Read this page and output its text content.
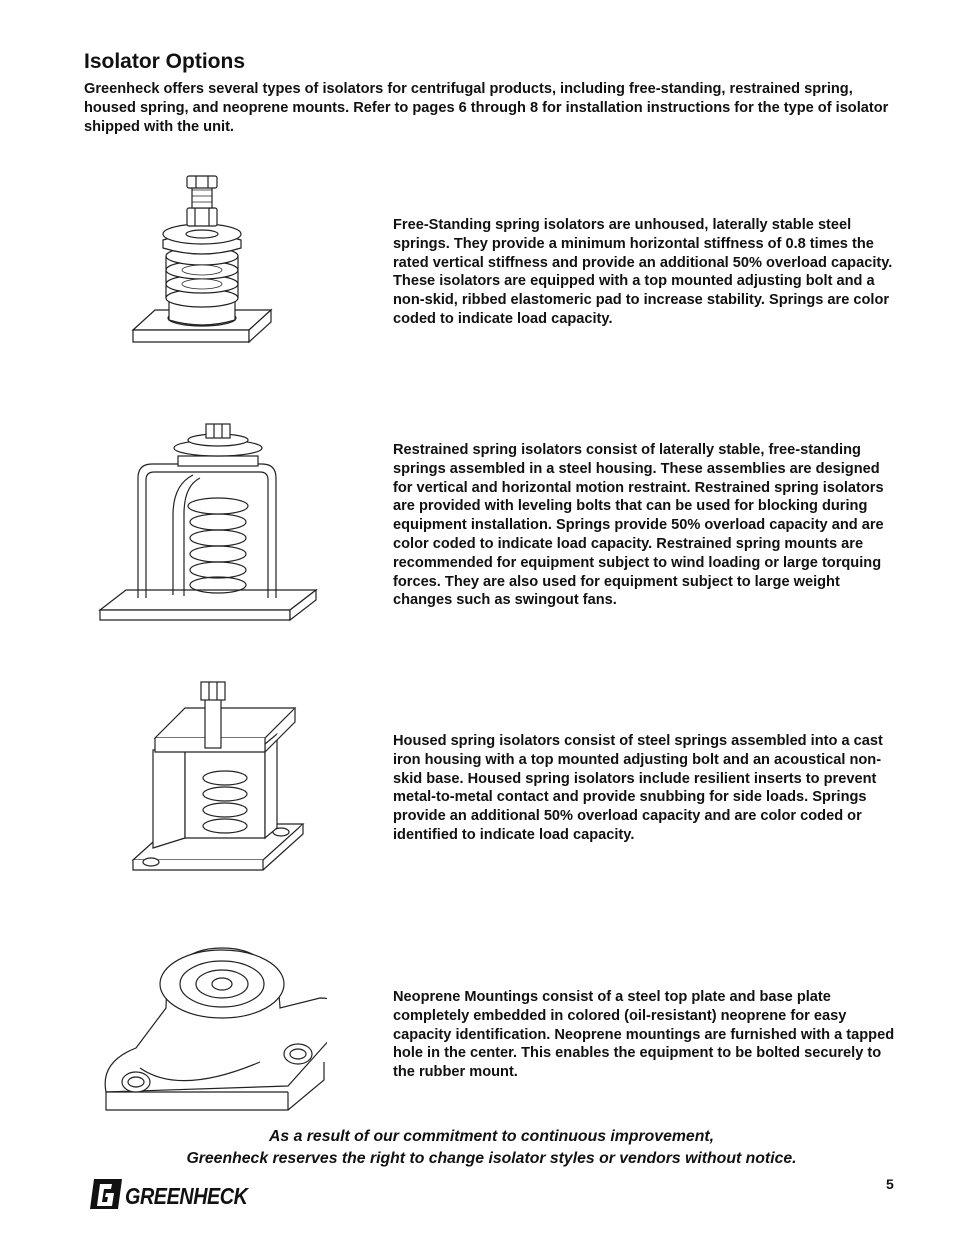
Isolator Options

Greenheck offers several types of isolators for centrifugal products, including free-standing, restrained spring, housed spring, and neoprene mounts. Refer to pages 6 through 8 for installation instructions for the type of isolator shipped with the unit.

Free-Standing spring isolators are unhoused, laterally stable steel springs. They provide a minimum horizontal stiffness of 0.8 times the rated vertical stiffness and provide an additional 50% overload capacity. These isolators are equipped with a top mounted adjusting bolt and a non-skid, ribbed elastomeric pad to increase stability. Springs are color coded to indicate load capacity.

Restrained spring isolators consist of laterally stable, free-standing springs assembled in a steel housing. These assemblies are designed for vertical and horizontal motion restraint. Restrained spring isolators are provided with leveling bolts that can be used for blocking during equipment installation. Springs provide 50% overload capacity and are color coded to indicate load capacity. Restrained spring mounts are recommended for equipment subject to wind loading or large torquing forces. They are also used for equipment subject to large weight changes such as swingout fans.

Housed spring isolators consist of steel springs assembled into a cast iron housing with a top mounted adjusting bolt and an acoustical non-skid base. Housed spring isolators include resilient inserts to prevent metal-to-metal contact and provide snubbing for side loads. Springs provide an additional 50% overload capacity and are color coded or identified to indicate load capacity.

Neoprene Mountings consist of a steel top plate and base plate completely embedded in colored (oil-resistant) neoprene for easy capacity identification. Neoprene mountings are furnished with a tapped hole in the center. This enables the equipment to be bolted securely to the rubber mount.

As a result of our commitment to continuous improvement,

Greenheck reserves the right to change isolator styles or vendors without notice.

GREENHECK	5
